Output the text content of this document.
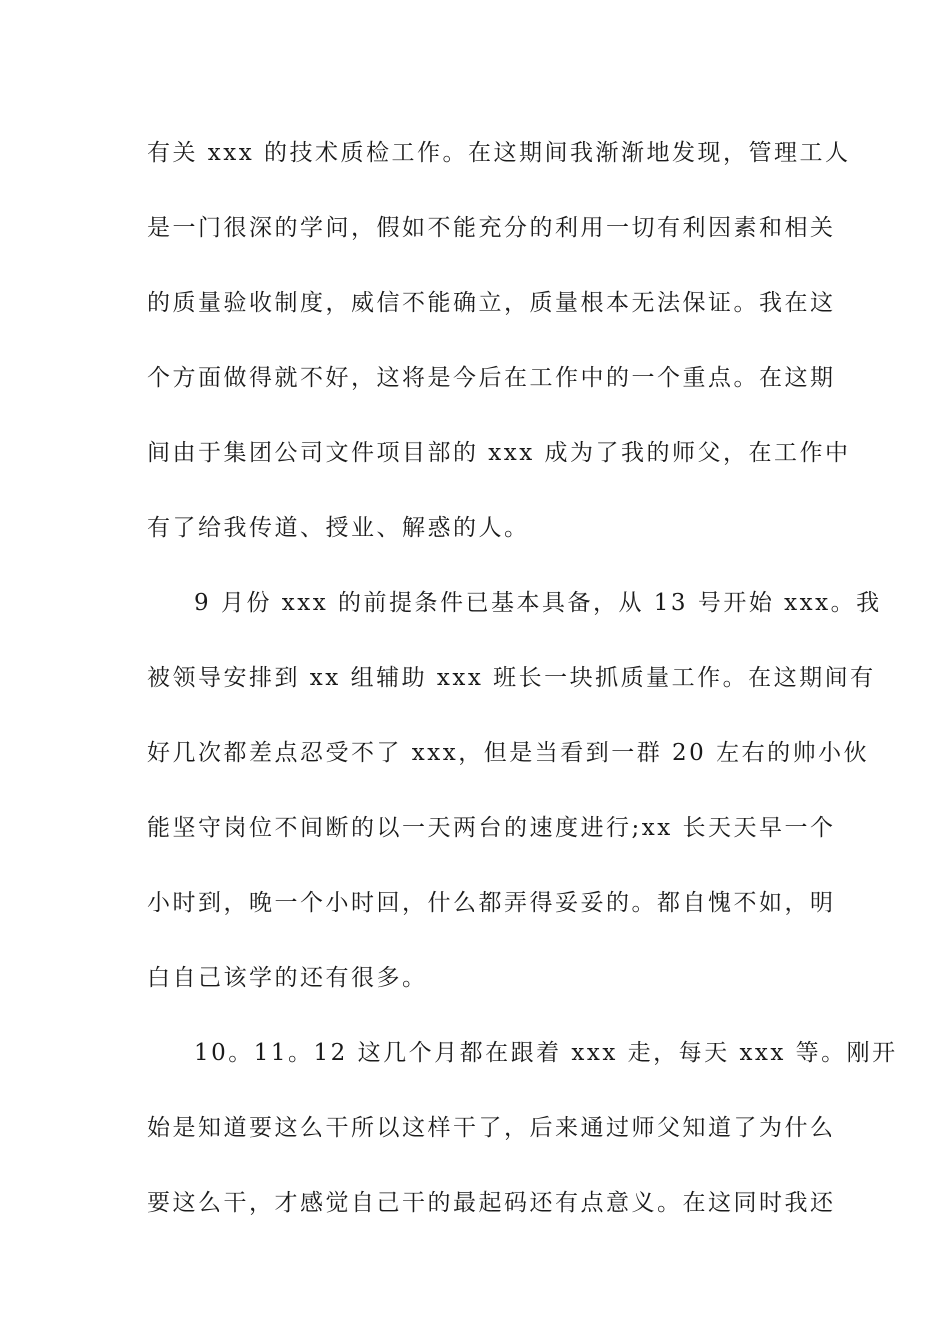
有关 xxx 的技术质检工作。在这期间我渐渐地发现，管理工人
是一门很深的学问，假如不能充分的利用一切有利因素和相关
的质量验收制度，威信不能确立，质量根本无法保证。我在这
个方面做得就不好，这将是今后在工作中的一个重点。在这期
间由于集团公司文件项目部的 xxx 成为了我的师父，在工作中
有了给我传道、授业、解惑的人。
9 月份 xxx 的前提条件已基本具备，从 13 号开始 xxx。我
被领导安排到 xx 组辅助 xxx 班长一块抓质量工作。在这期间有
好几次都差点忍受不了 xxx，但是当看到一群 20 左右的帅小伙
能坚守岗位不间断的以一天两台的速度进行;xx 长天天早一个
小时到，晚一个小时回，什么都弄得妥妥的。都自愧不如，明
白自己该学的还有很多。
10。11。12 这几个月都在跟着 xxx 走，每天 xxx 等。刚开
始是知道要这么干所以这样干了，后来通过师父知道了为什么
要这么干，才感觉自己干的最起码还有点意义。在这同时我还
